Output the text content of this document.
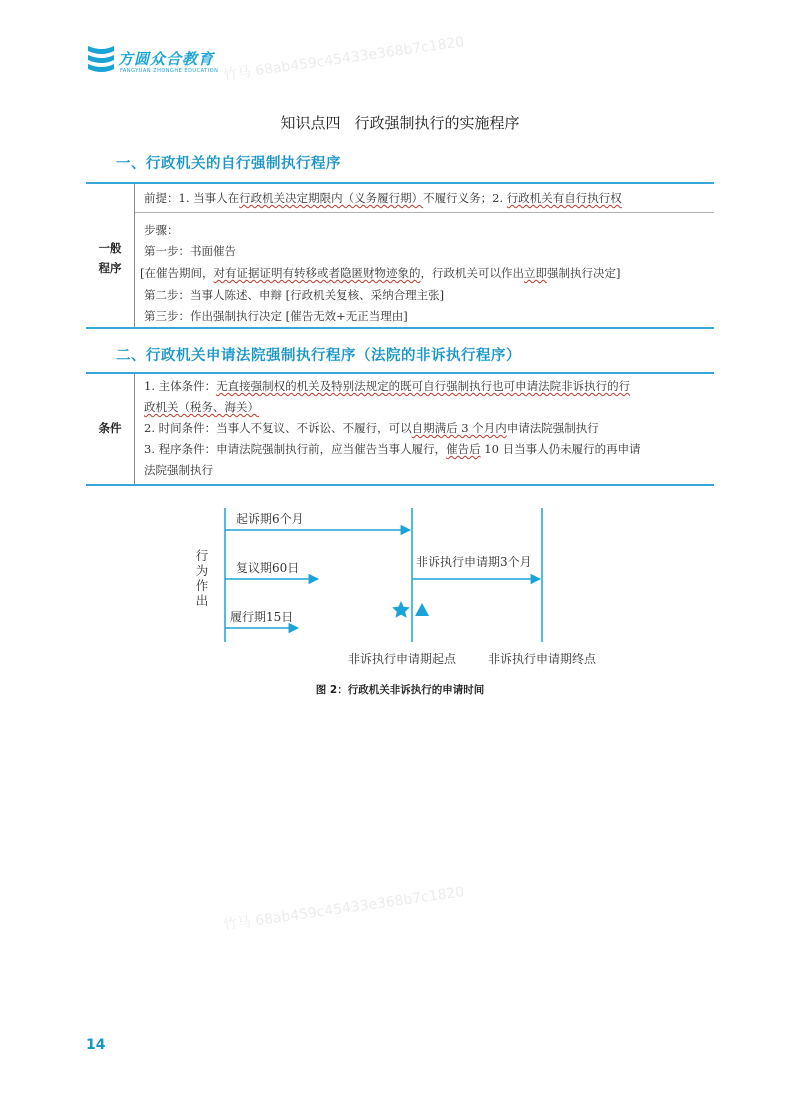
方圆众合教育
FANGYUAN ZHONGHE EDUCATION 竹马 68ab459c45433e368b7c1820
竹马 68ab459c45433e368b7c1820
知识点四 行政强制执行的实施程序
一、行政机关的自行强制执行程序
一般
程序
前提：1. 当事人在行政机关决定期限内（义务履行期）不履行义务；2. 行政机关有自行执行权
步骤：
第一步：书面催告
[在催告期间，对有证据证明有转移或者隐匿财物迹象的，行政机关可以作出立即强制执行决定]
第二步：当事人陈述、申辩 [行政机关复核、采纳合理主张]
第三步：作出强制执行决定 [催告无效+无正当理由]
二、行政机关申请法院强制执行程序（法院的非诉执行程序）
条件
1. 主体条件：无直接强制权的机关及特别法规定的既可自行强制执行也可申请法院非诉执行的行
政机关（税务、海关）
2. 时间条件：当事人不复议、不诉讼、不履行，可以自期满后 3 个月内申请法院强制执行
3. 程序条件：申请法院强制执行前，应当催告当事人履行，催告后 10 日当事人仍未履行的再申请
法院强制执行
行为作出
起诉期6个月
复议期60日
履行期15日
非诉执行申请期3个月
非诉执行申请期起点	非诉执行申请期终点
图 2：行政机关非诉执行的申请时间
14
